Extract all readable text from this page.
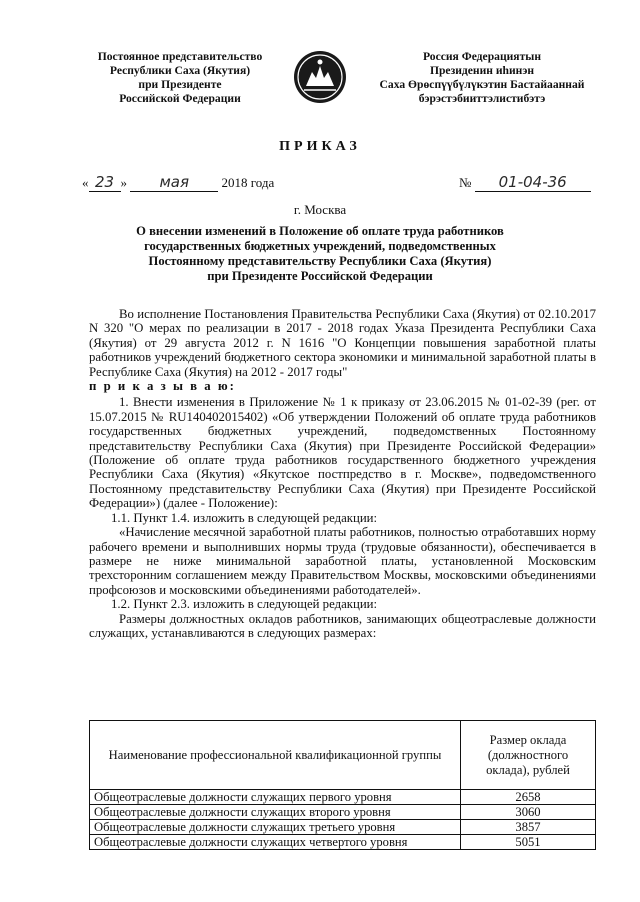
Постоянное представительство
Республики Саха (Якутия)
при Президенте
Российской Федерации
Россия Федерациятын
Президенин иһинэн
Саха Өрөспүүбүлүкэтин Бастайааннай
бэрэстэбииттэлистибэтэ
ПРИКАЗ
« 23 » мая 2018 года	№ 01-04-36
г. Москва
О внесении изменений в Положение об оплате труда работников
государственных бюджетных учреждений, подведомственных
Постоянному представительству Республики Саха (Якутия)
при Президенте Российской Федерации

Во исполнение Постановления Правительства Республики Саха (Якутия) от 02.10.2017 N 320 "О мерах по реализации в 2017 - 2018 годах Указа Президента Республики Саха (Якутия) от 29 августа 2012 г. N 1616 "О Концепции повышения заработной платы работников учреждений бюджетного сектора экономики и минимальной заработной платы в Республике Саха (Якутия) на 2012 - 2017 годы"

п р и к а з ы в а ю:

1. Внести изменения в Приложение № 1 к приказу от 23.06.2015 № 01-02-39 (рег. от 15.07.2015 № RU140402015402) «Об утверждении Положений об оплате труда работников государственных бюджетных учреждений, подведомственных Постоянному представительству Республики Саха (Якутия) при Президенте Российской Федерации» (Положение об оплате труда работников государственного бюджетного учреждения Республики Саха (Якутия) «Якутское постпредство в г. Москве», подведомственного Постоянному представительству Республики Саха (Якутия) при Президенте Российской Федерации») (далее - Положение):

1.1. Пункт 1.4. изложить в следующей редакции:

«Начисление месячной заработной платы работников, полностью отработавших норму рабочего времени и выполнивших нормы труда (трудовые обязанности), обеспечивается в размере не ниже минимальной заработной платы, установленной Московским трехсторонним соглашением между Правительством Москвы, московскими объединениями профсоюзов и московскими объединениями работодателей».

1.2. Пункт 2.3. изложить в следующей редакции:

Размеры должностных окладов работников, занимающих общеотраслевые должности служащих, устанавливаются в следующих размерах:

Наименование профессиональной квалификационной группы	Размер оклада (должностного оклада), рублей
Общеотраслевые должности служащих первого уровня	2658
Общеотраслевые должности служащих второго уровня	3060
Общеотраслевые должности служащих третьего уровня	3857
Общеотраслевые должности служащих четвертого уровня	5051
